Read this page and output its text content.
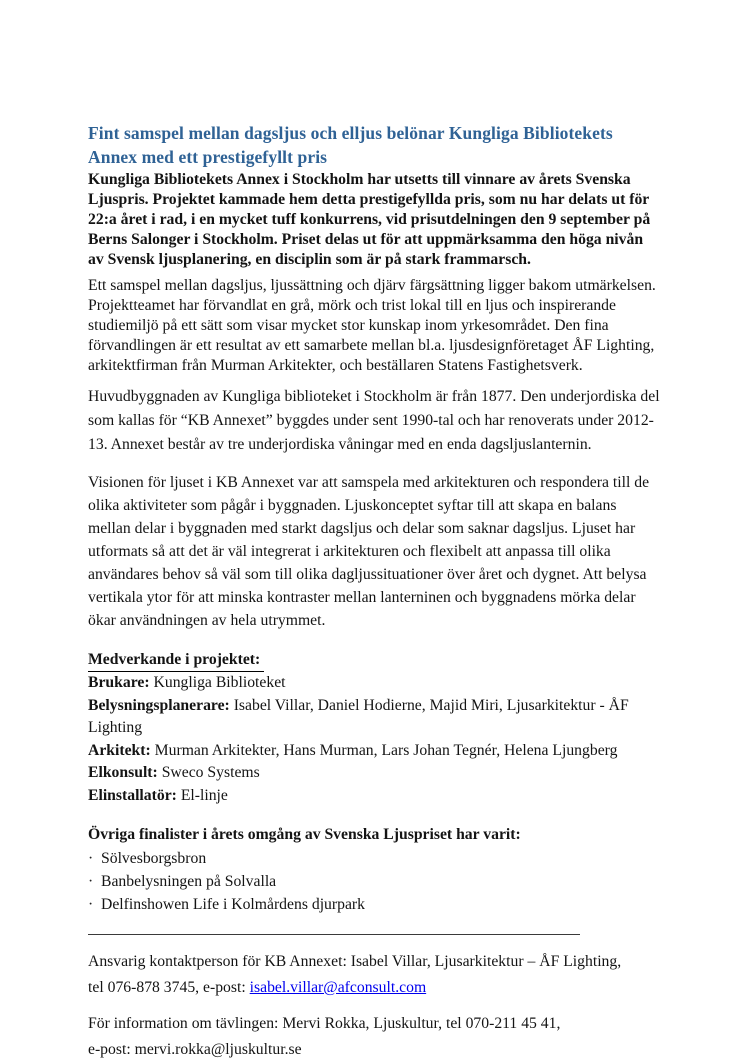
Fint samspel mellan dagsljus och elljus belönar Kungliga Bibliotekets Annex med ett prestigefyllt pris

Kungliga Bibliotekets Annex i Stockholm har utsetts till vinnare av årets Svenska Ljuspris. Projektet kammade hem detta prestigefyllda pris, som nu har delats ut för 22:a året i rad, i en mycket tuff konkurrens, vid prisutdelningen den 9 september på Berns Salonger i Stockholm. Priset delas ut för att uppmärksamma den höga nivån av Svensk ljusplanering, en disciplin som är på stark frammarsch.

Ett samspel mellan dagsljus, ljussättning och djärv färgsättning ligger bakom utmärkelsen. Projektteamet har förvandlat en grå, mörk och trist lokal till en ljus och inspirerande studiemiljö på ett sätt som visar mycket stor kunskap inom yrkesområdet. Den fina förvandlingen är ett resultat av ett samarbete mellan bl.a. ljusdesignföretaget ÅF Lighting, arkitektfirman från Murman Arkitekter, och beställaren Statens Fastighetsverk.

Huvudbyggnaden av Kungliga biblioteket i Stockholm är från 1877. Den underjordiska del som kallas för “KB Annexet” byggdes under sent 1990-tal och har renoverats under 2012-13. Annexet består av tre underjordiska våningar med en enda dagsljuslanternin.

Visionen för ljuset i KB Annexet var att samspela med arkitekturen och respondera till de olika aktiviteter som pågår i byggnaden. Ljuskonceptet syftar till att skapa en balans mellan delar i byggnaden med starkt dagsljus och delar som saknar dagsljus. Ljuset har utformats så att det är väl integrerat i arkitekturen och flexibelt att anpassa till olika användares behov så väl som till olika dagljussituationer över året och dygnet. Att belysa vertikala ytor för att minska kontraster mellan lanterninen och byggnadens mörka delar ökar användningen av hela utrymmet.

Medverkande i projektet:
Brukare: Kungliga Biblioteket
Belysningsplanerare: Isabel Villar, Daniel Hodierne, Majid Miri, Ljusarkitektur - ÅF Lighting
Arkitekt: Murman Arkitekter, Hans Murman, Lars Johan Tegnér, Helena Ljungberg
Elkonsult: Sweco Systems
Elinstallatör: El-linje

Övriga finalister i årets omgång av Svenska Ljuspriset har varit:

· Sölvesborgsbron
· Banbelysningen på Solvalla
· Delfinshowen Life i Kolmårdens djurpark

Ansvarig kontaktperson för KB Annexet: Isabel Villar, Ljusarkitektur – ÅF Lighting,
tel 076-878 3745, e-post: isabel.villar@afconsult.com

För information om tävlingen: Mervi Rokka, Ljuskultur, tel 070-211 45 41,
e-post: mervi.rokka@ljuskultur.se
